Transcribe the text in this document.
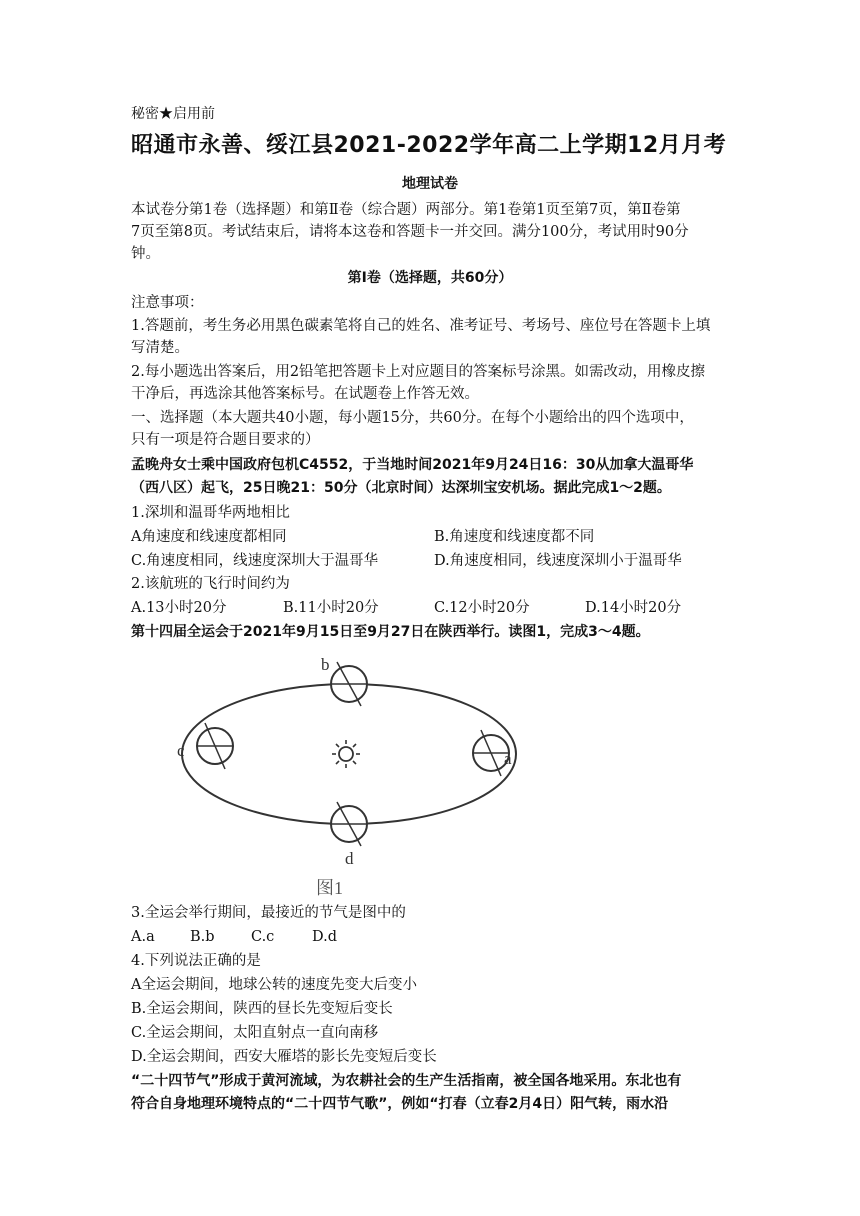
秘密★启用前
昭通市永善、绥江县2021-2022学年高二上学期12月月考
地理试卷
本试卷分第1卷（选择题）和第Ⅱ卷（综合题）两部分。第1卷第1页至第7页，第Ⅱ卷第
7页至第8页。考试结束后，请将本这卷和答题卡一并交回。满分100分，考试用时90分
钟。
第Ⅰ卷（选择题，共60分）
注意事项：
1.答题前，考生务必用黑色碳素笔将自己的姓名、准考证号、考场号、座位号在答题卡上填
写清楚。
2.每小题选出答案后，用2铅笔把答题卡上对应题目的答案标号涂黑。如需改动，用橡皮擦
干净后，再选涂其他答案标号。在试题卷上作答无效。
一、选择题（本大题共40小题，每小题15分，共60分。在每个小题给出的四个选项中，
只有一项是符合题目要求的）
孟晚舟女士乘中国政府包机C4552，于当地时间2021年9月24日16：30从加拿大温哥华
（西八区）起飞，25日晚21：50分（北京时间）达深圳宝安机场。据此完成1～2题。
1.深圳和温哥华两地相比
A角速度和线速度都相同	B.角速度和线速度都不同
C.角速度相同，线速度深圳大于温哥华	D.角速度相同，线速度深圳小于温哥华
2.该航班的飞行时间约为
A.13小时20分	B.11小时20分	C.12小时20分	D.14小时20分
第十四届全运会于2021年9月15日至9月27日在陕西举行。读图1，完成3～4题。
b
c	a
d
图1
3.全运会举行期间，最接近的节气是图中的
A.a B.b	C.c	D.d
4.下列说法正确的是
A全运会期间，地球公转的速度先变大后变小
B.全运会期间，陕西的昼长先变短后变长
C.全运会期间，太阳直射点一直向南移
D.全运会期间，西安大雁塔的影长先变短后变长
“二十四节气”形成于黄河流域，为农耕社会的生产生活指南，被全国各地采用。东北也有
符合自身地理环境特点的“二十四节气歌”，例如“打春（立春2月4日）阳气转，雨水沿
